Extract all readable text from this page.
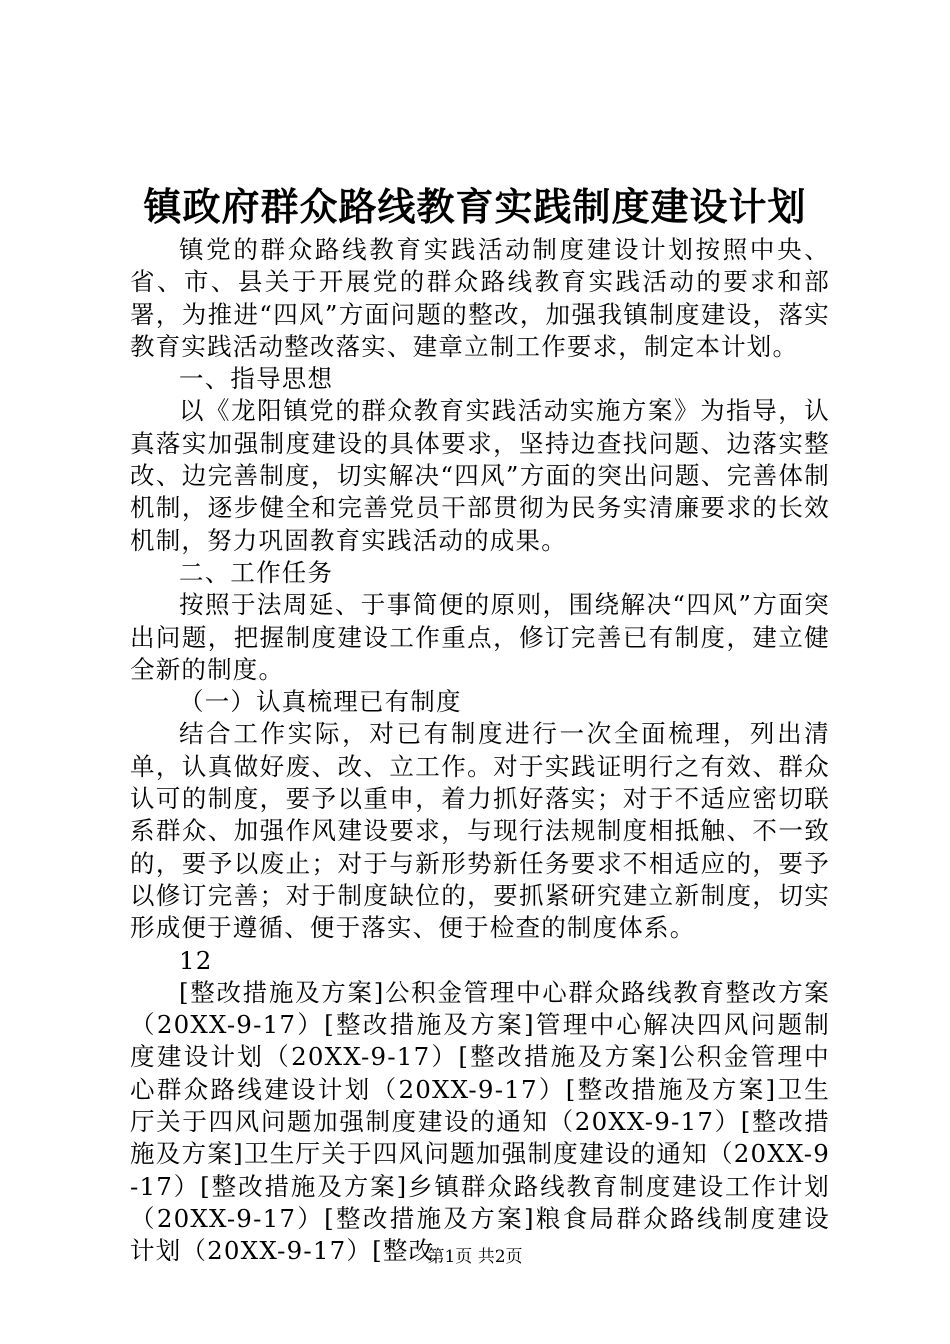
镇政府群众路线教育实践制度建设计划

镇党的群众路线教育实践活动制度建设计划按照中央、省、市、县关于开展党的群众路线教育实践活动的要求和部署，为推进“四风”方面问题的整改，加强我镇制度建设，落实教育实践活动整改落实、建章立制工作要求，制定本计划。

一、指导思想

以《龙阳镇党的群众教育实践活动实施方案》为指导，认真落实加强制度建设的具体要求，坚持边查找问题、边落实整改、边完善制度，切实解决“四风”方面的突出问题、完善体制机制，逐步健全和完善党员干部贯彻为民务实清廉要求的长效机制，努力巩固教育实践活动的成果。

二、工作任务

按照于法周延、于事简便的原则，围绕解决“四风”方面突出问题，把握制度建设工作重点，修订完善已有制度，建立健全新的制度。

（一）认真梳理已有制度

结合工作实际，对已有制度进行一次全面梳理，列出清单，认真做好废、改、立工作。对于实践证明行之有效、群众认可的制度，要予以重申，着力抓好落实；对于不适应密切联系群众、加强作风建设要求，与现行法规制度相抵触、不一致的，要予以废止；对于与新形势新任务要求不相适应的，要予以修订完善；对于制度缺位的，要抓紧研究建立新制度，切实形成便于遵循、便于落实、便于检查的制度体系。

12

[整改措施及方案]公积金管理中心群众路线教育整改方案（20XX-9-17）[整改措施及方案]管理中心解决四风问题制度建设计划（20XX-9-17）[整改措施及方案]公积金管理中心群众路线建设计划（20XX-9-17）[整改措施及方案]卫生厅关于四风问题加强制度建设的通知（20XX-9-17）[整改措施及方案]卫生厅关于四风问题加强制度建设的通知（20XX-9-17）[整改措施及方案]乡镇群众路线教育制度建设工作计划（20XX-9-17）[整改措施及方案]粮食局群众路线制度建设计划（20XX-9-17）[整改

第1页 共2页
